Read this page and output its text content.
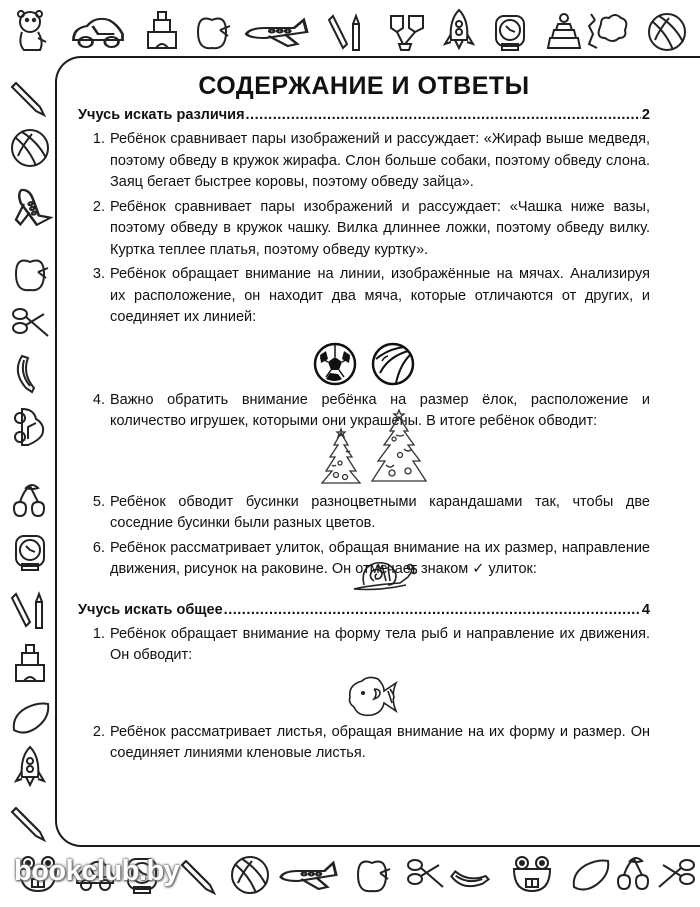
СОДЕРЖАНИЕ И ОТВЕТЫ
Учусь искать различия .....	2
1. Ребёнок сравнивает пары изображений и рассуждает: «Жираф выше медведя, поэтому обведу в кружок жирафа. Слон больше собаки, поэтому обведу слона. Заяц бегает быстрее коровы, поэтому обведу зайца».
2. Ребёнок сравнивает пары изображений и рассуждает: «Чашка ниже вазы, поэтому обведу в кружок чашку. Вилка длиннее ложки, поэтому обведу вилку. Куртка теплее платья, поэтому обведу куртку».
3. Ребёнок обращает внимание на линии, изображённые на мячах. Анализируя их расположение, он находит два мяча, которые отличаются от других, и соединяет их линией:
4. Важно обратить внимание ребёнка на размер ёлок, расположение и количество игрушек, которыми они украшены. В итоге ребёнок обводит:
5. Ребёнок обводит бусинки разноцветными карандашами так, чтобы две соседние бусинки были разных цветов.
6. Ребёнок рассматривает улиток, обращая внимание на их размер, направление движения, рисунок на раковине. Он отмечает знаком ✓ улиток:
Учусь искать общее .....	4
1. Ребёнок обращает внимание на форму тела рыб и направление их движения. Он обводит:
2. Ребёнок рассматривает листья, обращая внимание на их форму и размер. Он соединяет линиями кленовые листья.
bookclub.by
